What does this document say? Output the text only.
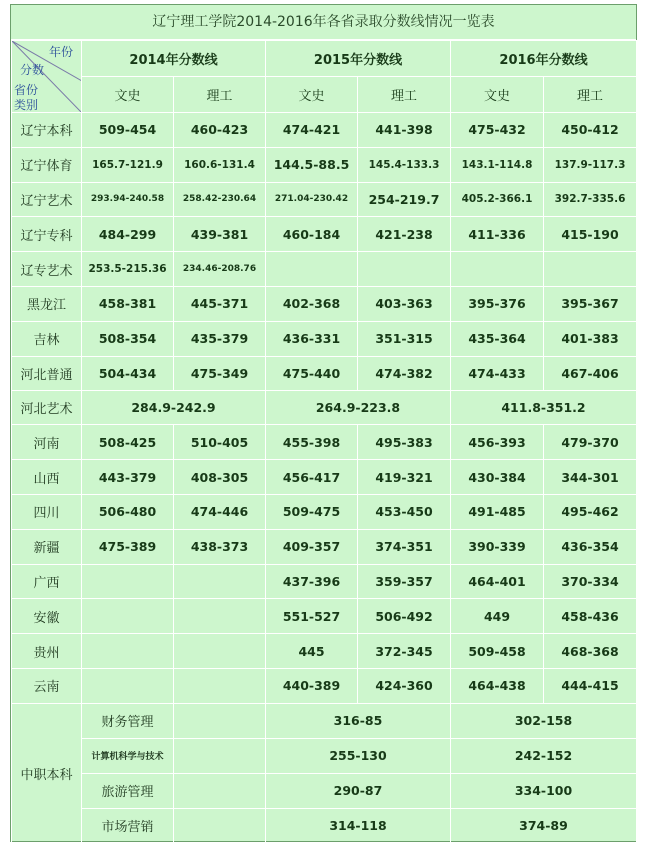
辽宁理工学院2014-2016年各省录取分数线情况一览表
年份
分数
省份
类别	2014年分数线		2015年分数线		2016年分数线	
	文史	理工	文史	理工	文史	理工
辽宁本科	509-454	460-423	474-421	441-398	475-432	450-412
辽宁体育	165.7-121.9	160.6-131.4	144.5-88.5	145.4-133.3	143.1-114.8	137.9-117.3
辽宁艺术	293.94-240.58	258.42-230.64	271.04-230.42	254-219.7	405.2-366.1	392.7-335.6
辽宁专科	484-299	439-381	460-184	421-238	411-336	415-190
辽专艺术	253.5-215.36	234.46-208.76				
黑龙江	458-381	445-371	402-368	403-363	395-376	395-367
吉林	508-354	435-379	436-331	351-315	435-364	401-383
河北普通	504-434	475-349	475-440	474-382	474-433	467-406
河北艺术	284.9-242.9		264.9-223.8		411.8-351.2	
河南	508-425	510-405	455-398	495-383	456-393	479-370
山西	443-379	408-305	456-417	419-321	430-384	344-301
四川	506-480	474-446	509-475	453-450	491-485	495-462
新疆	475-389	438-373	409-357	374-351	390-339	436-354
广西			437-396	359-357	464-401	370-334
安徽			551-527	506-492	449	458-436
贵州			445	372-345	509-458	468-368
云南			440-389	424-360	464-438	444-415
中职本科	财务管理		316-85		302-158	
	计算机科学与技术		255-130		242-152	
	旅游管理		290-87		334-100	
	市场营销		314-118		374-89	
